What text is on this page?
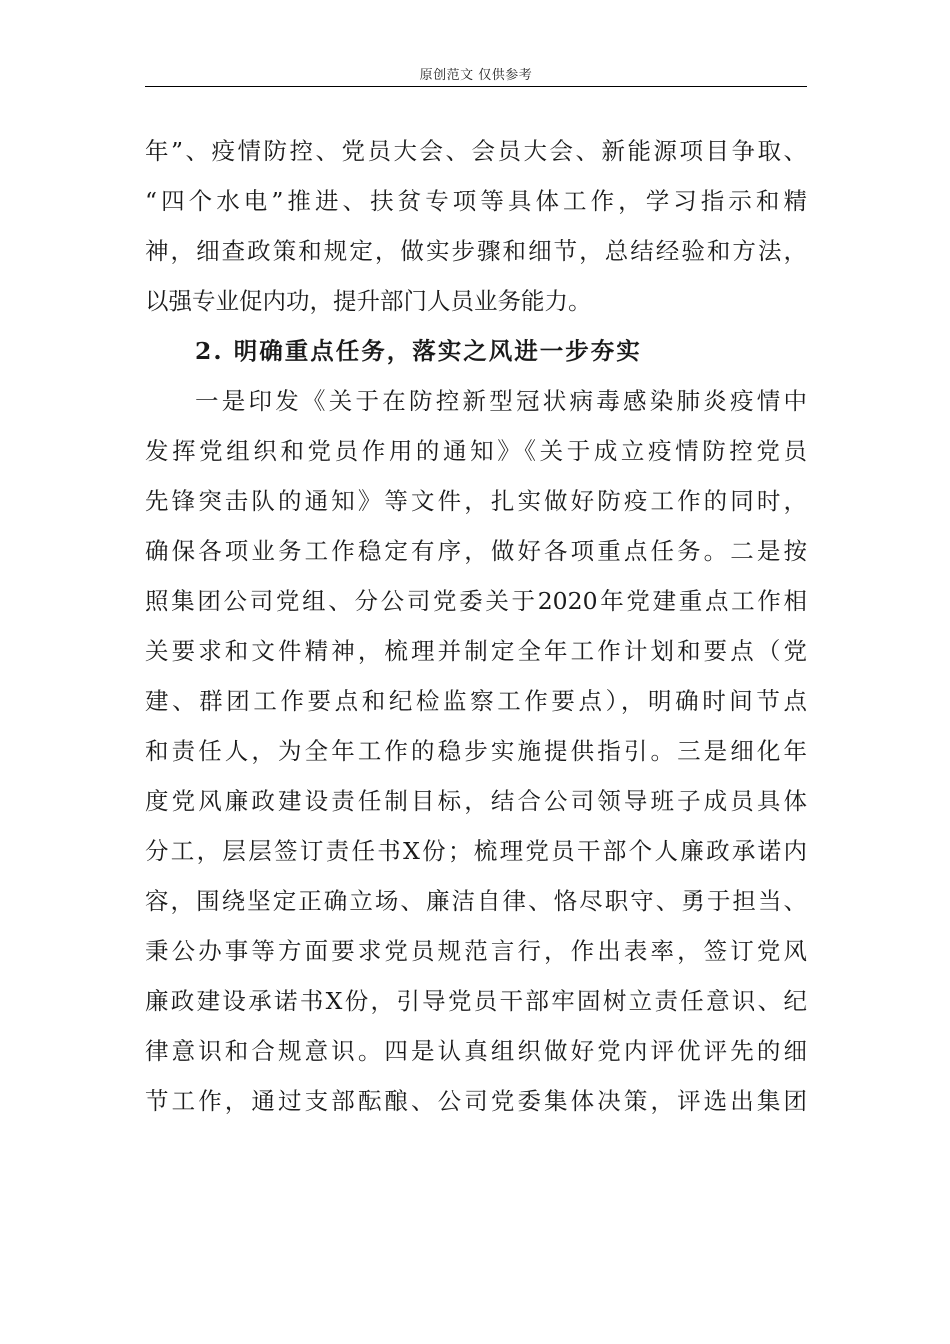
原创范文 仅供参考
年”、疫情防控、党员大会、会员大会、新能源项目争取、
“四个水电”推进、扶贫专项等具体工作，学习指示和精
神，细查政策和规定，做实步骤和细节，总结经验和方法，
以强专业促内功，提升部门人员业务能力。
2. 明确重点任务，落实之风进一步夯实
一是印发《关于在防控新型冠状病毒感染肺炎疫情中
发挥党组织和党员作用的通知》《关于成立疫情防控党员
先锋突击队的通知》等文件，扎实做好防疫工作的同时，
确保各项业务工作稳定有序，做好各项重点任务。二是按
照集团公司党组、分公司党委关于2020年党建重点工作相
关要求和文件精神，梳理并制定全年工作计划和要点（党
建、群团工作要点和纪检监察工作要点），明确时间节点
和责任人，为全年工作的稳步实施提供指引。三是细化年
度党风廉政建设责任制目标，结合公司领导班子成员具体
分工，层层签订责任书X份；梳理党员干部个人廉政承诺内
容，围绕坚定正确立场、廉洁自律、恪尽职守、勇于担当、
秉公办事等方面要求党员规范言行，作出表率，签订党风
廉政建设承诺书X份，引导党员干部牢固树立责任意识、纪
律意识和合规意识。四是认真组织做好党内评优评先的细
节工作，通过支部酝酿、公司党委集体决策，评选出集团
